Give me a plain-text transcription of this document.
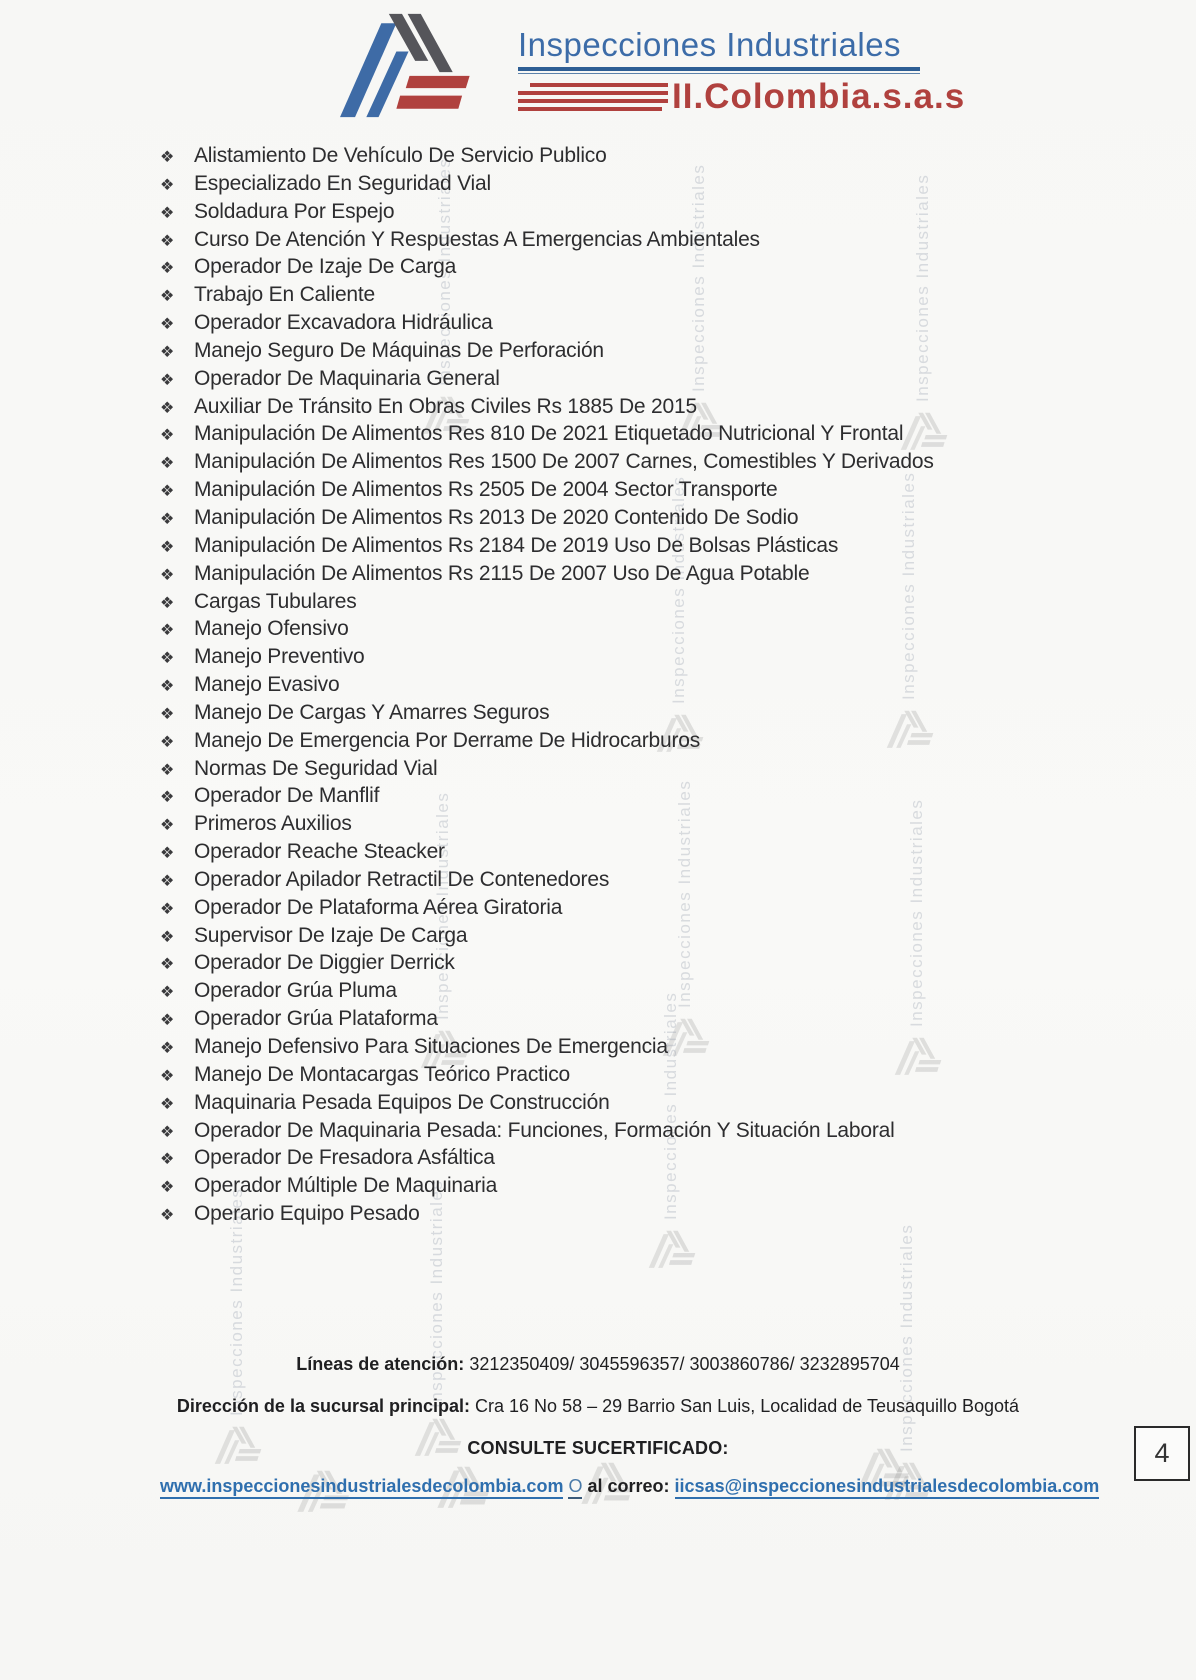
Inspecciones Industriales	Inspecciones Industriales	Inspecciones Industriales
Inspecciones Industriales
Inspecciones Industriales
Inspecciones Industriales	Inspecciones Industriales	Inspecciones Industriales
Inspecciones Industriales
Inspecciones Industriales	Inspecciones Industriales	Inspecciones Industriales
Inspecciones Industriales
II.Colombia.s.a.s
❖ Alistamiento De Vehículo De Servicio Publico
❖ Especializado En Seguridad Vial
❖ Soldadura Por Espejo
❖ Curso De Atención Y Respuestas A Emergencias Ambientales
❖ Operador De Izaje De Carga
❖ Trabajo En Caliente
❖ Operador Excavadora Hidráulica
❖ Manejo Seguro De Máquinas De Perforación
❖ Operador De Maquinaria General
❖ Auxiliar De Tránsito En Obras Civiles Rs 1885 De 2015
❖ Manipulación De Alimentos Res 810 De 2021 Etiquetado Nutricional Y Frontal
❖ Manipulación De Alimentos Res 1500 De 2007 Carnes, Comestibles Y Derivados
❖ Manipulación De Alimentos Rs 2505 De 2004 Sector Transporte
❖ Manipulación De Alimentos Rs 2013 De 2020 Contenido De Sodio
❖ Manipulación De Alimentos Rs 2184 De 2019 Uso De Bolsas Plásticas
❖ Manipulación De Alimentos Rs 2115 De 2007 Uso De Agua Potable
❖ Cargas Tubulares
❖ Manejo Ofensivo
❖ Manejo Preventivo
❖ Manejo Evasivo
❖ Manejo De Cargas Y Amarres Seguros
❖ Manejo De Emergencia Por Derrame De Hidrocarburos
❖ Normas De Seguridad Vial
❖ Operador De Manflif
❖ Primeros Auxilios
❖ Operador Reache Steacker
❖ Operador Apilador Retractil De Contenedores
❖ Operador De Plataforma Aérea Giratoria
❖ Supervisor De Izaje De Carga
❖ Operador De Diggier Derrick
❖ Operador Grúa Pluma
❖ Operador Grúa Plataforma
❖ Manejo Defensivo Para Situaciones De Emergencia
❖ Manejo De Montacargas Teórico Practico
❖ Maquinaria Pesada Equipos De Construcción
❖ Operador De Maquinaria Pesada: Funciones, Formación Y Situación Laboral
❖ Operador De Fresadora Asfáltica
❖ Operador Múltiple De Maquinaria
❖ Operario Equipo Pesado

Líneas de atención: 3212350409/ 3045596357/ 3003860786/ 3232895704

Dirección de la sucursal principal: Cra 16 No 58 – 29 Barrio San Luis, Localidad de Teusaquillo Bogotá

CONSULTE SUCERTIFICADO:

www.inspeccionesindustrialesdecolombia.com O al correo: iicsas@inspeccionesindustrialesdecolombia.com

4
